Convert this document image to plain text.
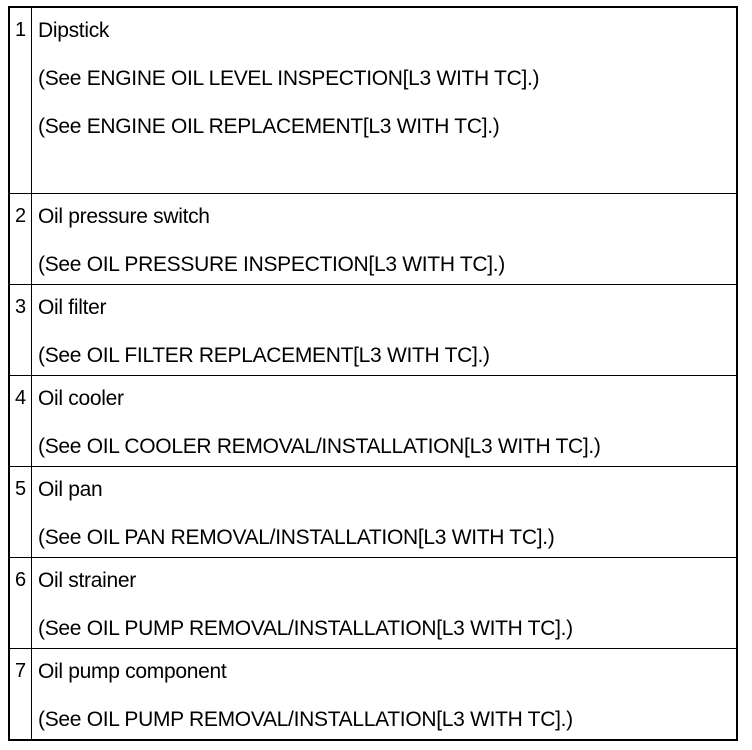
1 Dipstick
(See ENGINE OIL LEVEL INSPECTION[L3 WITH TC].)
(See ENGINE OIL REPLACEMENT[L3 WITH TC].)
2 Oil pressure switch
(See OIL PRESSURE INSPECTION[L3 WITH TC].)
3 Oil filter
(See OIL FILTER REPLACEMENT[L3 WITH TC].)
4 Oil cooler
(See OIL COOLER REMOVAL/INSTALLATION[L3 WITH TC].)
5 Oil pan
(See OIL PAN REMOVAL/INSTALLATION[L3 WITH TC].)
6 Oil strainer
(See OIL PUMP REMOVAL/INSTALLATION[L3 WITH TC].)
7 Oil pump component
(See OIL PUMP REMOVAL/INSTALLATION[L3 WITH TC].)
